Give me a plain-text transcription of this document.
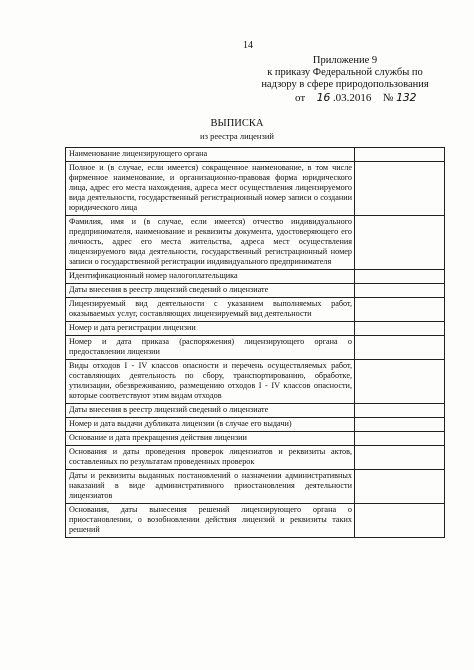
14
Приложение 9
к приказу Федеральной службы по
надзору в сфере природопользования
от 16 .03.2016 № 132
ВЫПИСКА
из реестра лицензий
Наименование лицензирующего органа	
Полное и (в случае, если имеется) сокращенное наименование, в том числе фирменное наименование, и организационно-правовая форма юридического лица, адрес его места нахождения, адреса мест осуществления лицензируемого вида деятельности, государственный регистрационный номер записи о создании юридического лица	
Фамилия, имя и (в случае, если имеется) отчество индивидуального предпринимателя, наименование и реквизиты документа, удостоверяющего его личность, адрес его места жительства, адреса мест осуществления лицензируемого вида деятельности, государственный регистрационный номер записи о государственной регистрации индивидуального предпринимателя	
Идентификационный номер налогоплательщика	
Даты внесения в реестр лицензий сведений о лицензиате	
Лицензируемый вид деятельности с указанием выполняемых работ, оказываемых услуг, составляющих лицензируемый вид деятельности	
Номер и дата регистрации лицензии	
Номер и дата приказа (распоряжения) лицензирующего органа о предоставлении лицензии	
Виды отходов I - IV классов опасности и перечень осуществляемых работ, составляющих деятельность по сбору, транспортированию, обработке, утилизации, обезвреживанию, размещению отходов I - IV классов опасности, которые соответствуют этим видам отходов	
Даты внесения в реестр лицензий сведений о лицензиате	
Номер и дата выдачи дубликата лицензии (в случае его выдачи)	
Основание и дата прекращения действия лицензии	
Основания и даты проведения проверок лицензиатов и реквизиты актов, составленных по результатам проведенных проверок	
Даты и реквизиты выданных постановлений о назначении административных наказаний в виде административного приостановления деятельности лицензиатов	
Основания, даты вынесения решений лицензирующего органа о приостановлении, о возобновлении действия лицензий и реквизиты таких решений	
